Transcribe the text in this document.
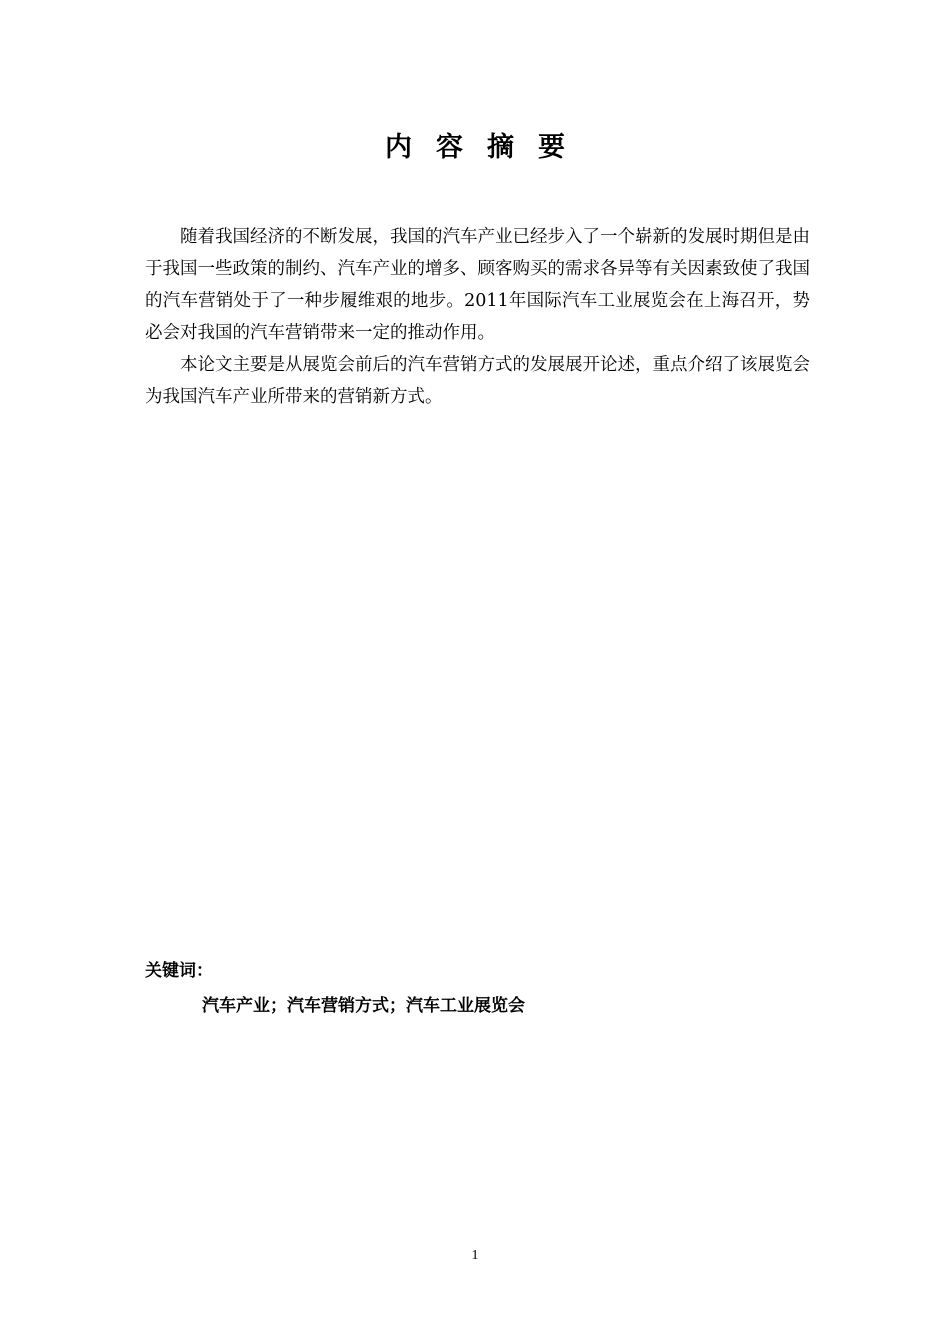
内容摘要

随着我国经济的不断发展，我国的汽车产业已经步入了一个崭新的发展时期但是由于我国一些政策的制约、汽车产业的增多、顾客购买的需求各异等有关因素致使了我国的汽车营销处于了一种步履维艰的地步。2011年国际汽车工业展览会在上海召开，势必会对我国的汽车营销带来一定的推动作用。

本论文主要是从展览会前后的汽车营销方式的发展展开论述，重点介绍了该展览会为我国汽车产业所带来的营销新方式。

关键词：
汽车产业；汽车营销方式；汽车工业展览会
1
